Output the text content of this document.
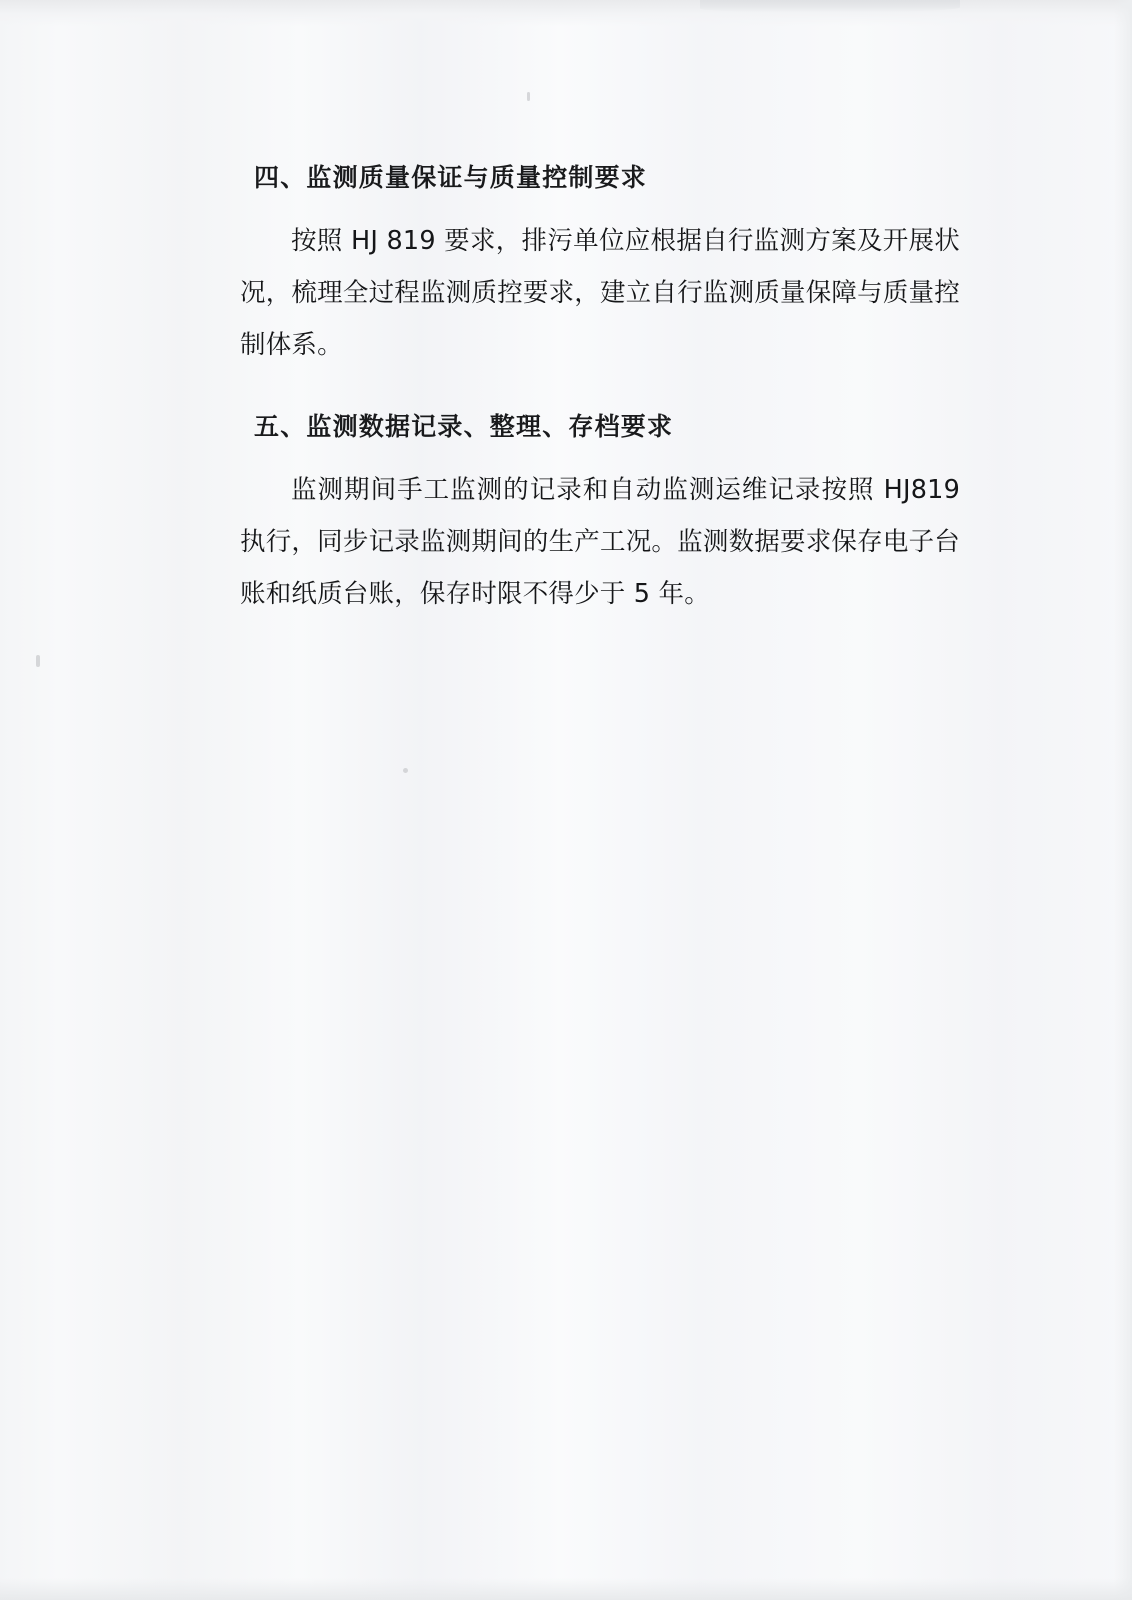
四、监测质量保证与质量控制要求

按照 HJ 819 要求，排污单位应根据自行监测方案及开展状况，梳理全过程监测质控要求，建立自行监测质量保障与质量控制体系。

五、监测数据记录、整理、存档要求

监测期间手工监测的记录和自动监测运维记录按照 HJ819 执行，同步记录监测期间的生产工况。监测数据要求保存电子台账和纸质台账，保存时限不得少于 5 年。
